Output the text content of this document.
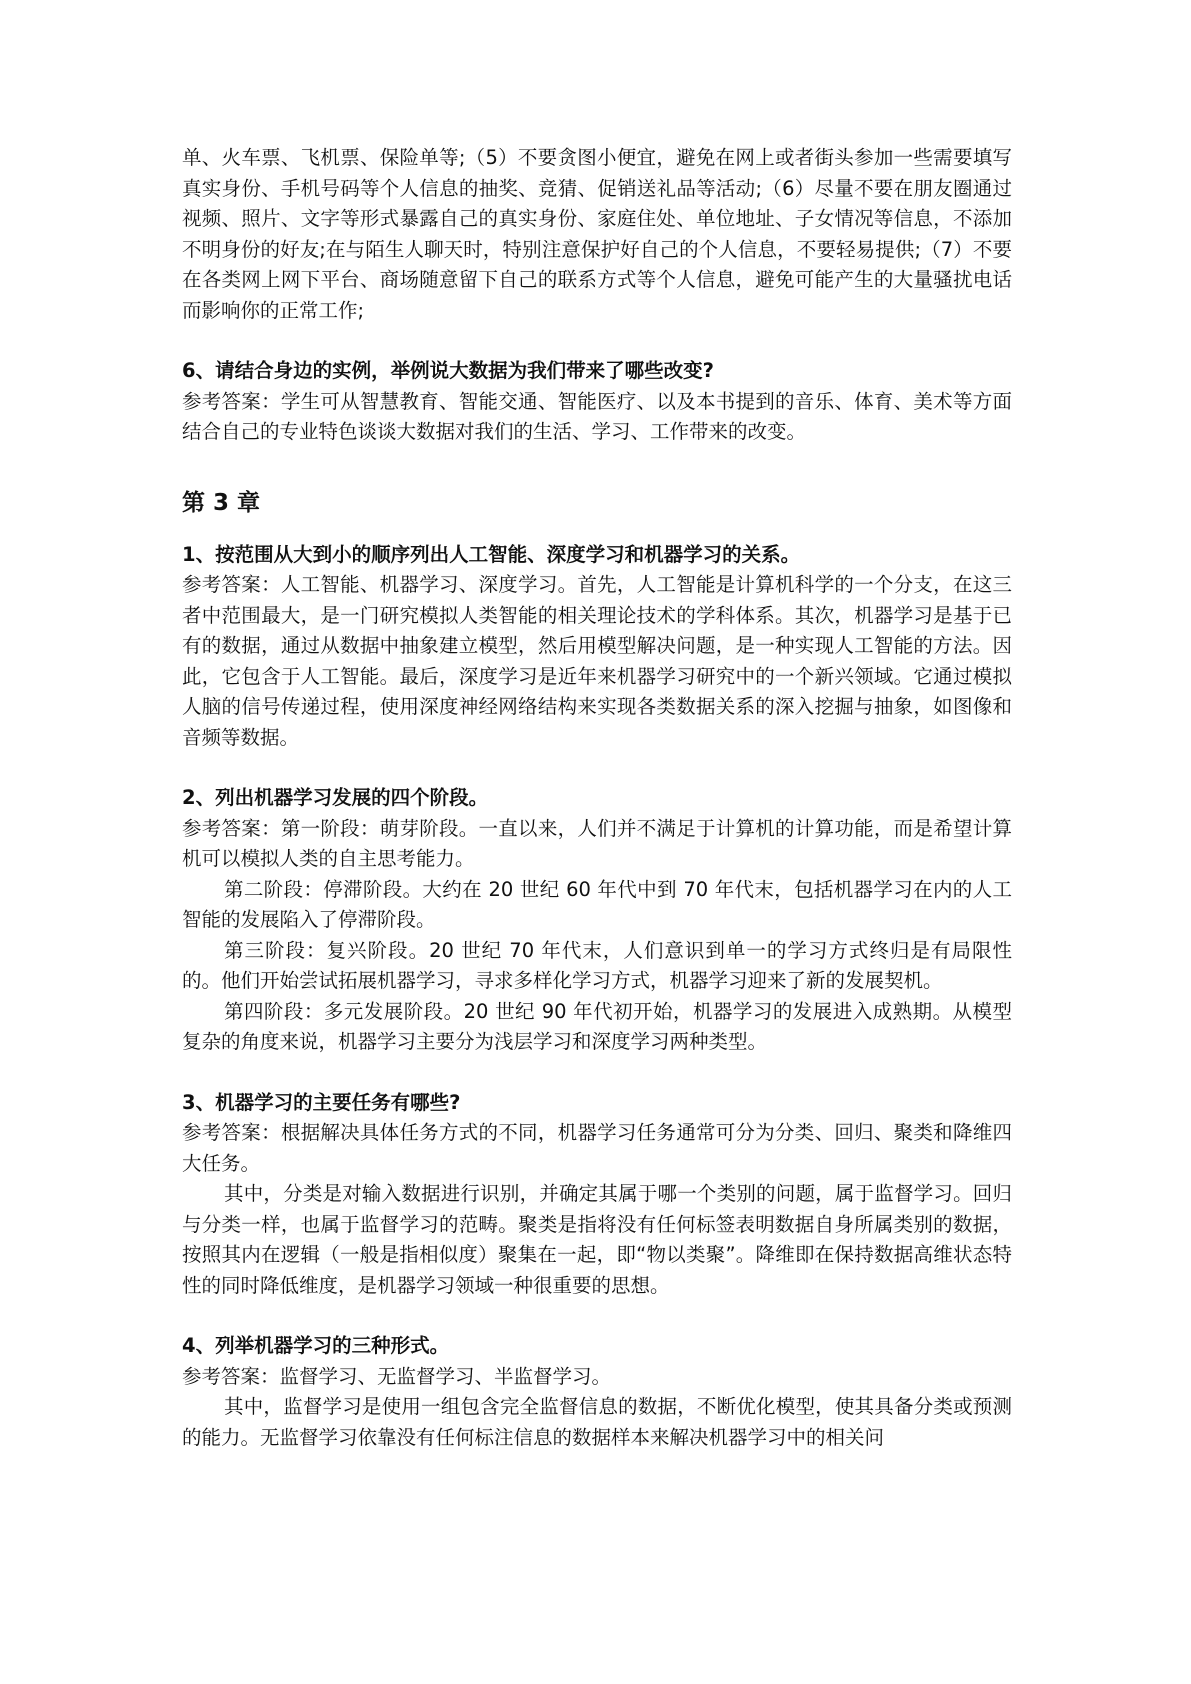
单、火车票、飞机票、保险单等;（5）不要贪图小便宜，避免在网上或者街头参加一些需要填写真实身份、手机号码等个人信息的抽奖、竞猜、促销送礼品等活动;（6）尽量不要在朋友圈通过视频、照片、文字等形式暴露自己的真实身份、家庭住处、单位地址、子女情况等信息，不添加不明身份的好友;在与陌生人聊天时，特别注意保护好自己的个人信息，不要轻易提供;（7）不要在各类网上网下平台、商场随意留下自己的联系方式等个人信息，避免可能产生的大量骚扰电话而影响你的正常工作;

6、请结合身边的实例，举例说大数据为我们带来了哪些改变?

参考答案：学生可从智慧教育、智能交通、智能医疗、以及本书提到的音乐、体育、美术等方面结合自己的专业特色谈谈大数据对我们的生活、学习、工作带来的改变。

第 3 章

1、按范围从大到小的顺序列出人工智能、深度学习和机器学习的关系。

参考答案：人工智能、机器学习、深度学习。首先，人工智能是计算机科学的一个分支，在这三者中范围最大，是一门研究模拟人类智能的相关理论技术的学科体系。其次，机器学习是基于已有的数据，通过从数据中抽象建立模型，然后用模型解决问题，是一种实现人工智能的方法。因此，它包含于人工智能。最后，深度学习是近年来机器学习研究中的一个新兴领域。它通过模拟人脑的信号传递过程，使用深度神经网络结构来实现各类数据关系的深入挖掘与抽象，如图像和音频等数据。

2、列出机器学习发展的四个阶段。

参考答案：第一阶段：萌芽阶段。一直以来，人们并不满足于计算机的计算功能，而是希望计算机可以模拟人类的自主思考能力。

第二阶段：停滞阶段。大约在 20 世纪 60 年代中到 70 年代末，包括机器学习在内的人工智能的发展陷入了停滞阶段。

第三阶段：复兴阶段。20 世纪 70 年代末，人们意识到单一的学习方式终归是有局限性的。他们开始尝试拓展机器学习，寻求多样化学习方式，机器学习迎来了新的发展契机。

第四阶段：多元发展阶段。20 世纪 90 年代初开始，机器学习的发展进入成熟期。从模型复杂的角度来说，机器学习主要分为浅层学习和深度学习两种类型。

3、机器学习的主要任务有哪些?

参考答案：根据解决具体任务方式的不同，机器学习任务通常可分为分类、回归、聚类和降维四大任务。

其中，分类是对输入数据进行识别，并确定其属于哪一个类别的问题，属于监督学习。回归与分类一样，也属于监督学习的范畴。聚类是指将没有任何标签表明数据自身所属类别的数据，按照其内在逻辑（一般是指相似度）聚集在一起，即“物以类聚”。降维即在保持数据高维状态特性的同时降低维度，是机器学习领域一种很重要的思想。

4、列举机器学习的三种形式。

参考答案：监督学习、无监督学习、半监督学习。

其中，监督学习是使用一组包含完全监督信息的数据，不断优化模型，使其具备分类或预测的能力。无监督学习依靠没有任何标注信息的数据样本来解决机器学习中的相关问
